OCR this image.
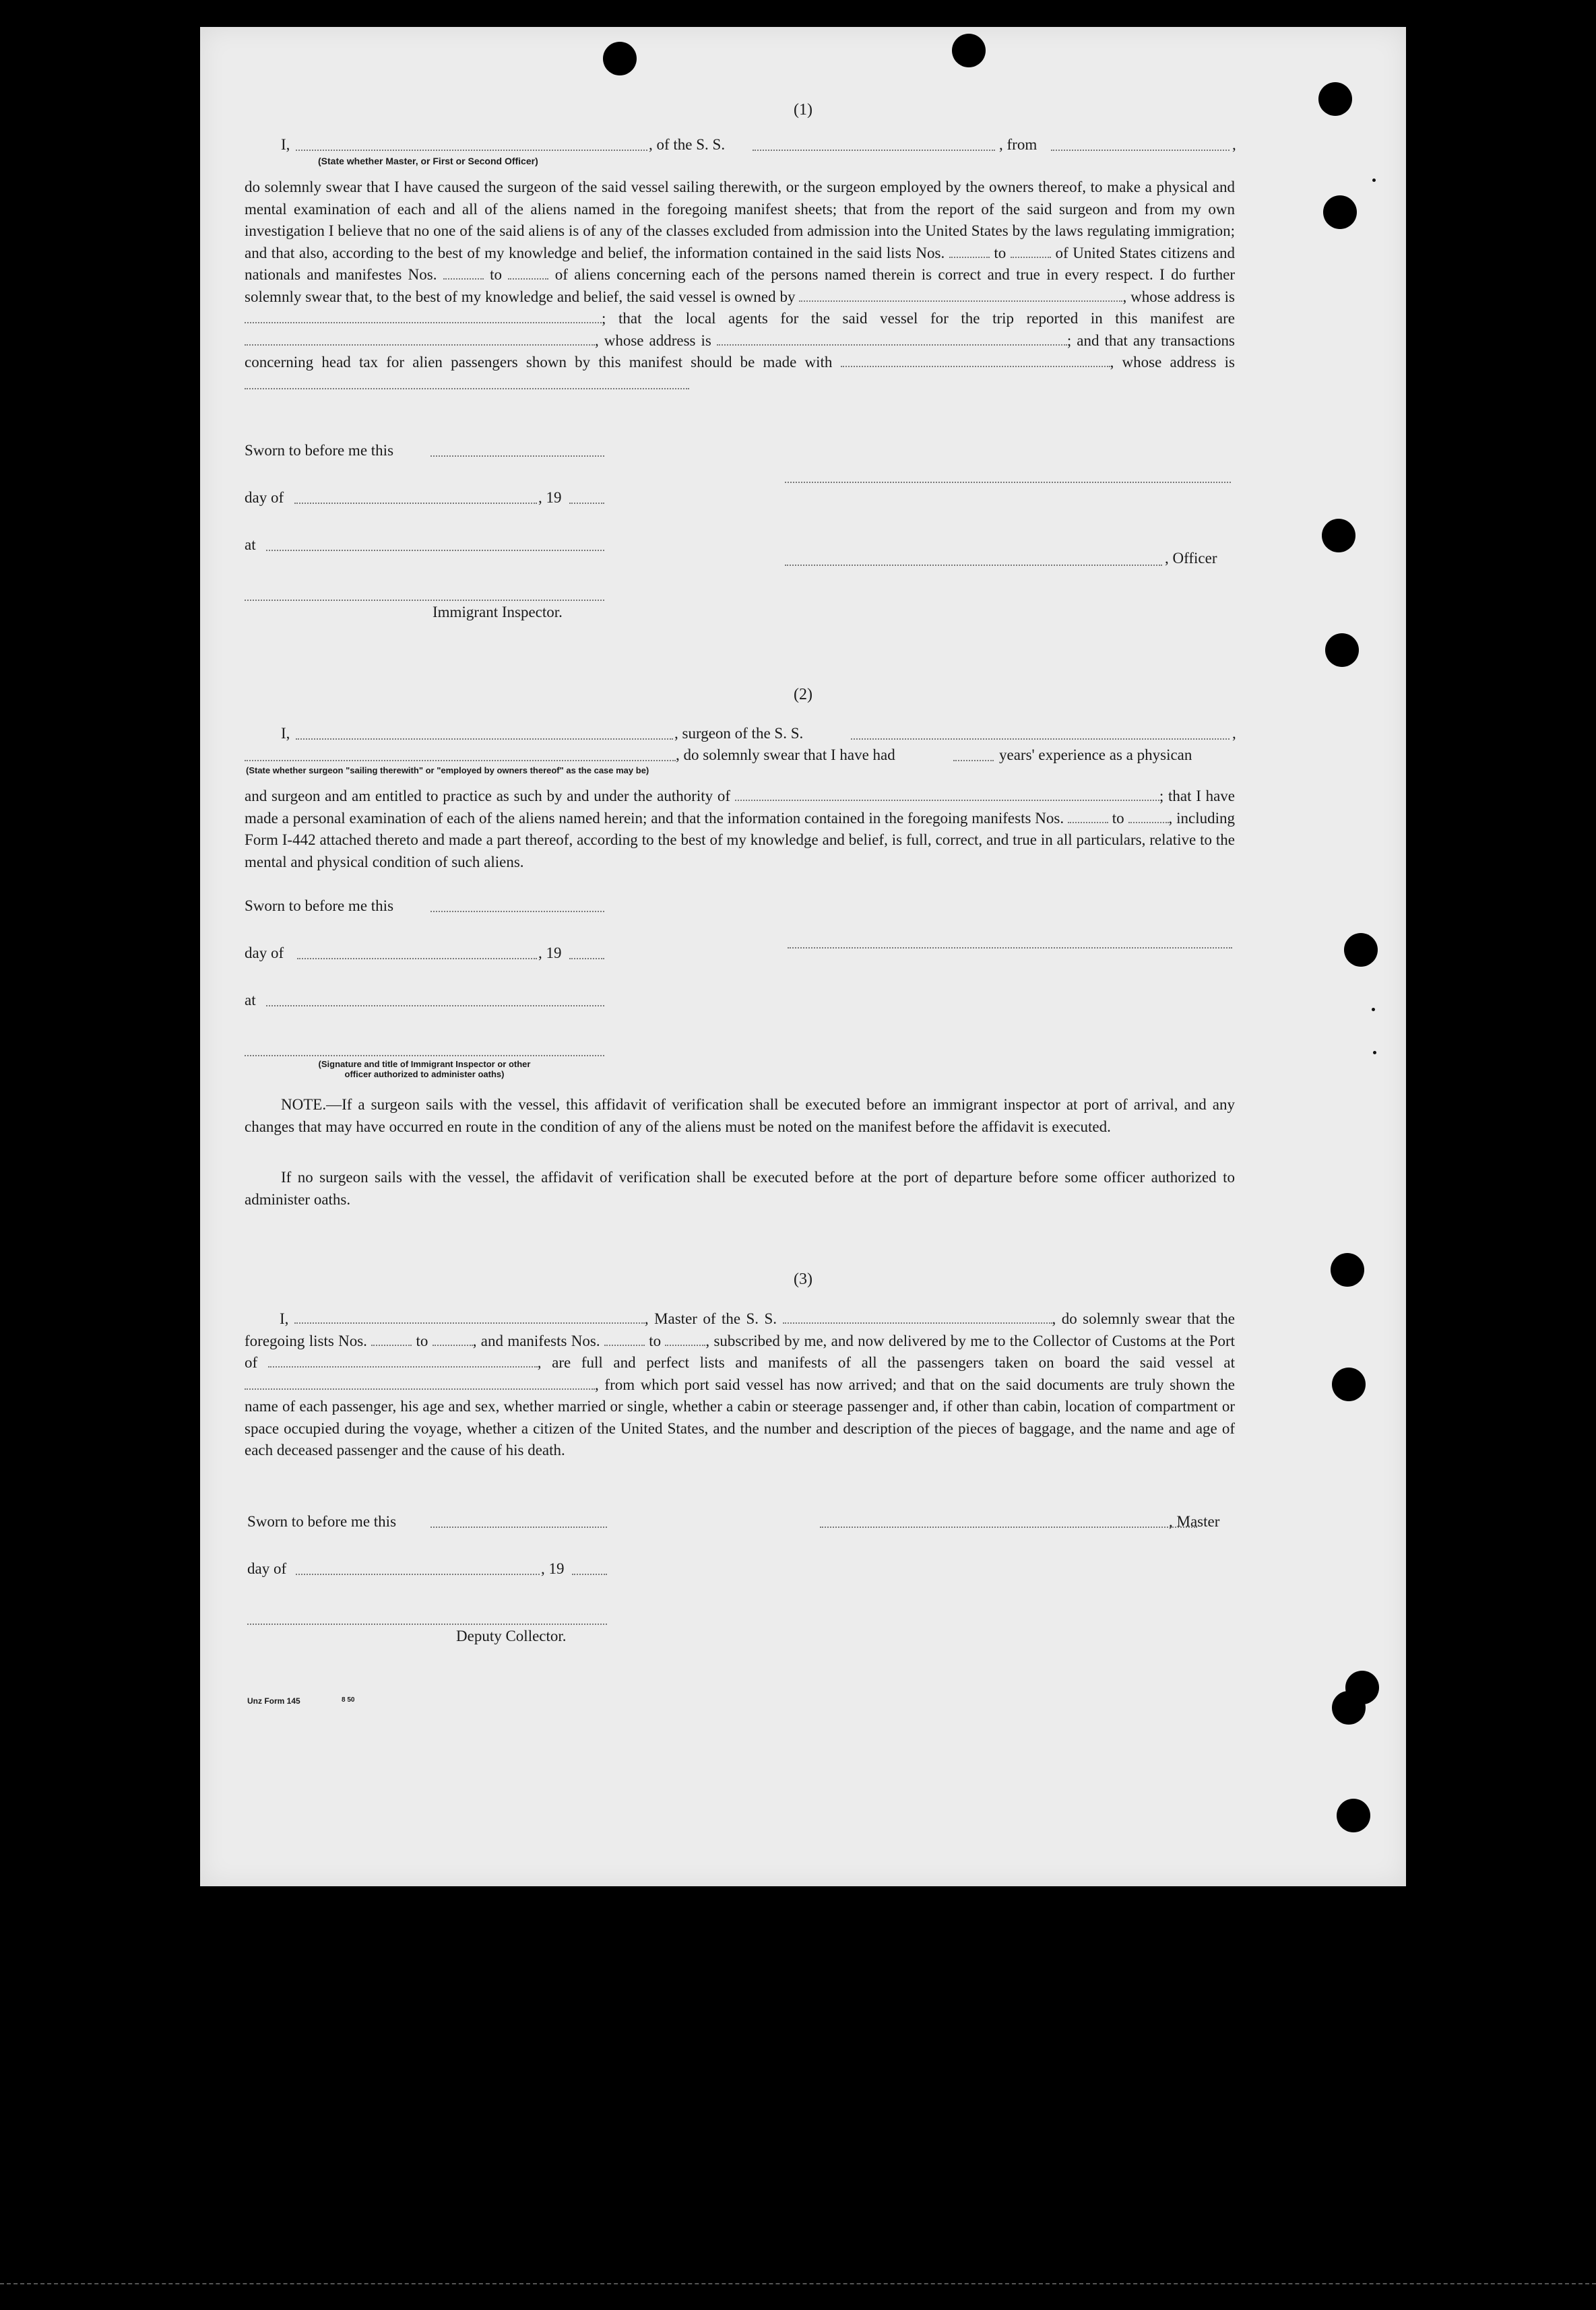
(1)
I,	, of the S. S.	, from	,
(State whether Master, or First or Second Officer)

do solemnly swear that I have caused the surgeon of the said vessel sailing therewith, or the surgeon employed by the owners thereof, to make a physical and mental examination of each and all of the aliens named in the foregoing manifest sheets; that from the report of the said surgeon and from my own investigation I believe that no one of the said aliens is of any of the classes excluded from admission into the United States by the laws regulating immigration; and that also, according to the best of my knowledge and belief, the information contained in the said lists Nos.	to	of United States citizens and nationals and manifestes Nos.	to	of aliens concerning each of the persons named therein is correct and true in every respect. I do further solemnly swear that, to the best of my knowledge and belief, the said vessel is owned by	, whose address is ; that the local agents for the said vessel for the trip reported in this manifest are , whose address is	; and that any transactions concerning head tax for alien passengers shown by this manifest should be made with	, whose address is

Sworn to before me this
day of	, 19
at
, Officer
Immigrant Inspector.
(2)
I,	, surgeon of the S. S.	,
, do solemnly swear that I have had	years' experience as a physican
(State whether surgeon "sailing therewith" or "employed by owners thereof" as the case may be)

and surgeon and am entitled to practice as such by and under the authority of	; that I have made a personal examination of each of the aliens named herein; and that the information contained in the foregoing manifests Nos.	to	, including Form I-442 attached thereto and made a part thereof, according to the best of my knowledge and belief, is full, correct, and true in all particulars, relative to the mental and physical condition of such aliens.

Sworn to before me this
day of	, 19
at
(Signature and title of Immigrant Inspector or other
officer authorized to administer oaths)

NOTE.—If a surgeon sails with the vessel, this affidavit of verification shall be executed before an immigrant inspector at port of arrival, and any changes that may have occurred en route in the condition of any of the aliens must be noted on the manifest before the affidavit is executed.

If no surgeon sails with the vessel, the affidavit of verification shall be executed before at the port of departure before some officer authorized to administer oaths.

(3)

I,	, Master of the S. S.	, do solemnly swear that the foregoing lists Nos.	to	, and manifests Nos.	to	, subscribed by me, and now delivered by me to the Collector of Customs at the Port of	, are full and perfect lists and manifests of all the passengers taken on board the said vessel at , from which port said vessel has now arrived; and that on the said documents are truly shown the name of each passenger, his age and sex, whether married or single, whether a cabin or steerage passenger and, if other than cabin, location of compartment or space occupied during the voyage, whether a citizen of the United States, and the number and description of the pieces of baggage, and the name and age of each deceased passenger and the cause of his death.

Sworn to before me this	, Master
day of	, 19
Deputy Collector.
Unz Form 145	8 50
